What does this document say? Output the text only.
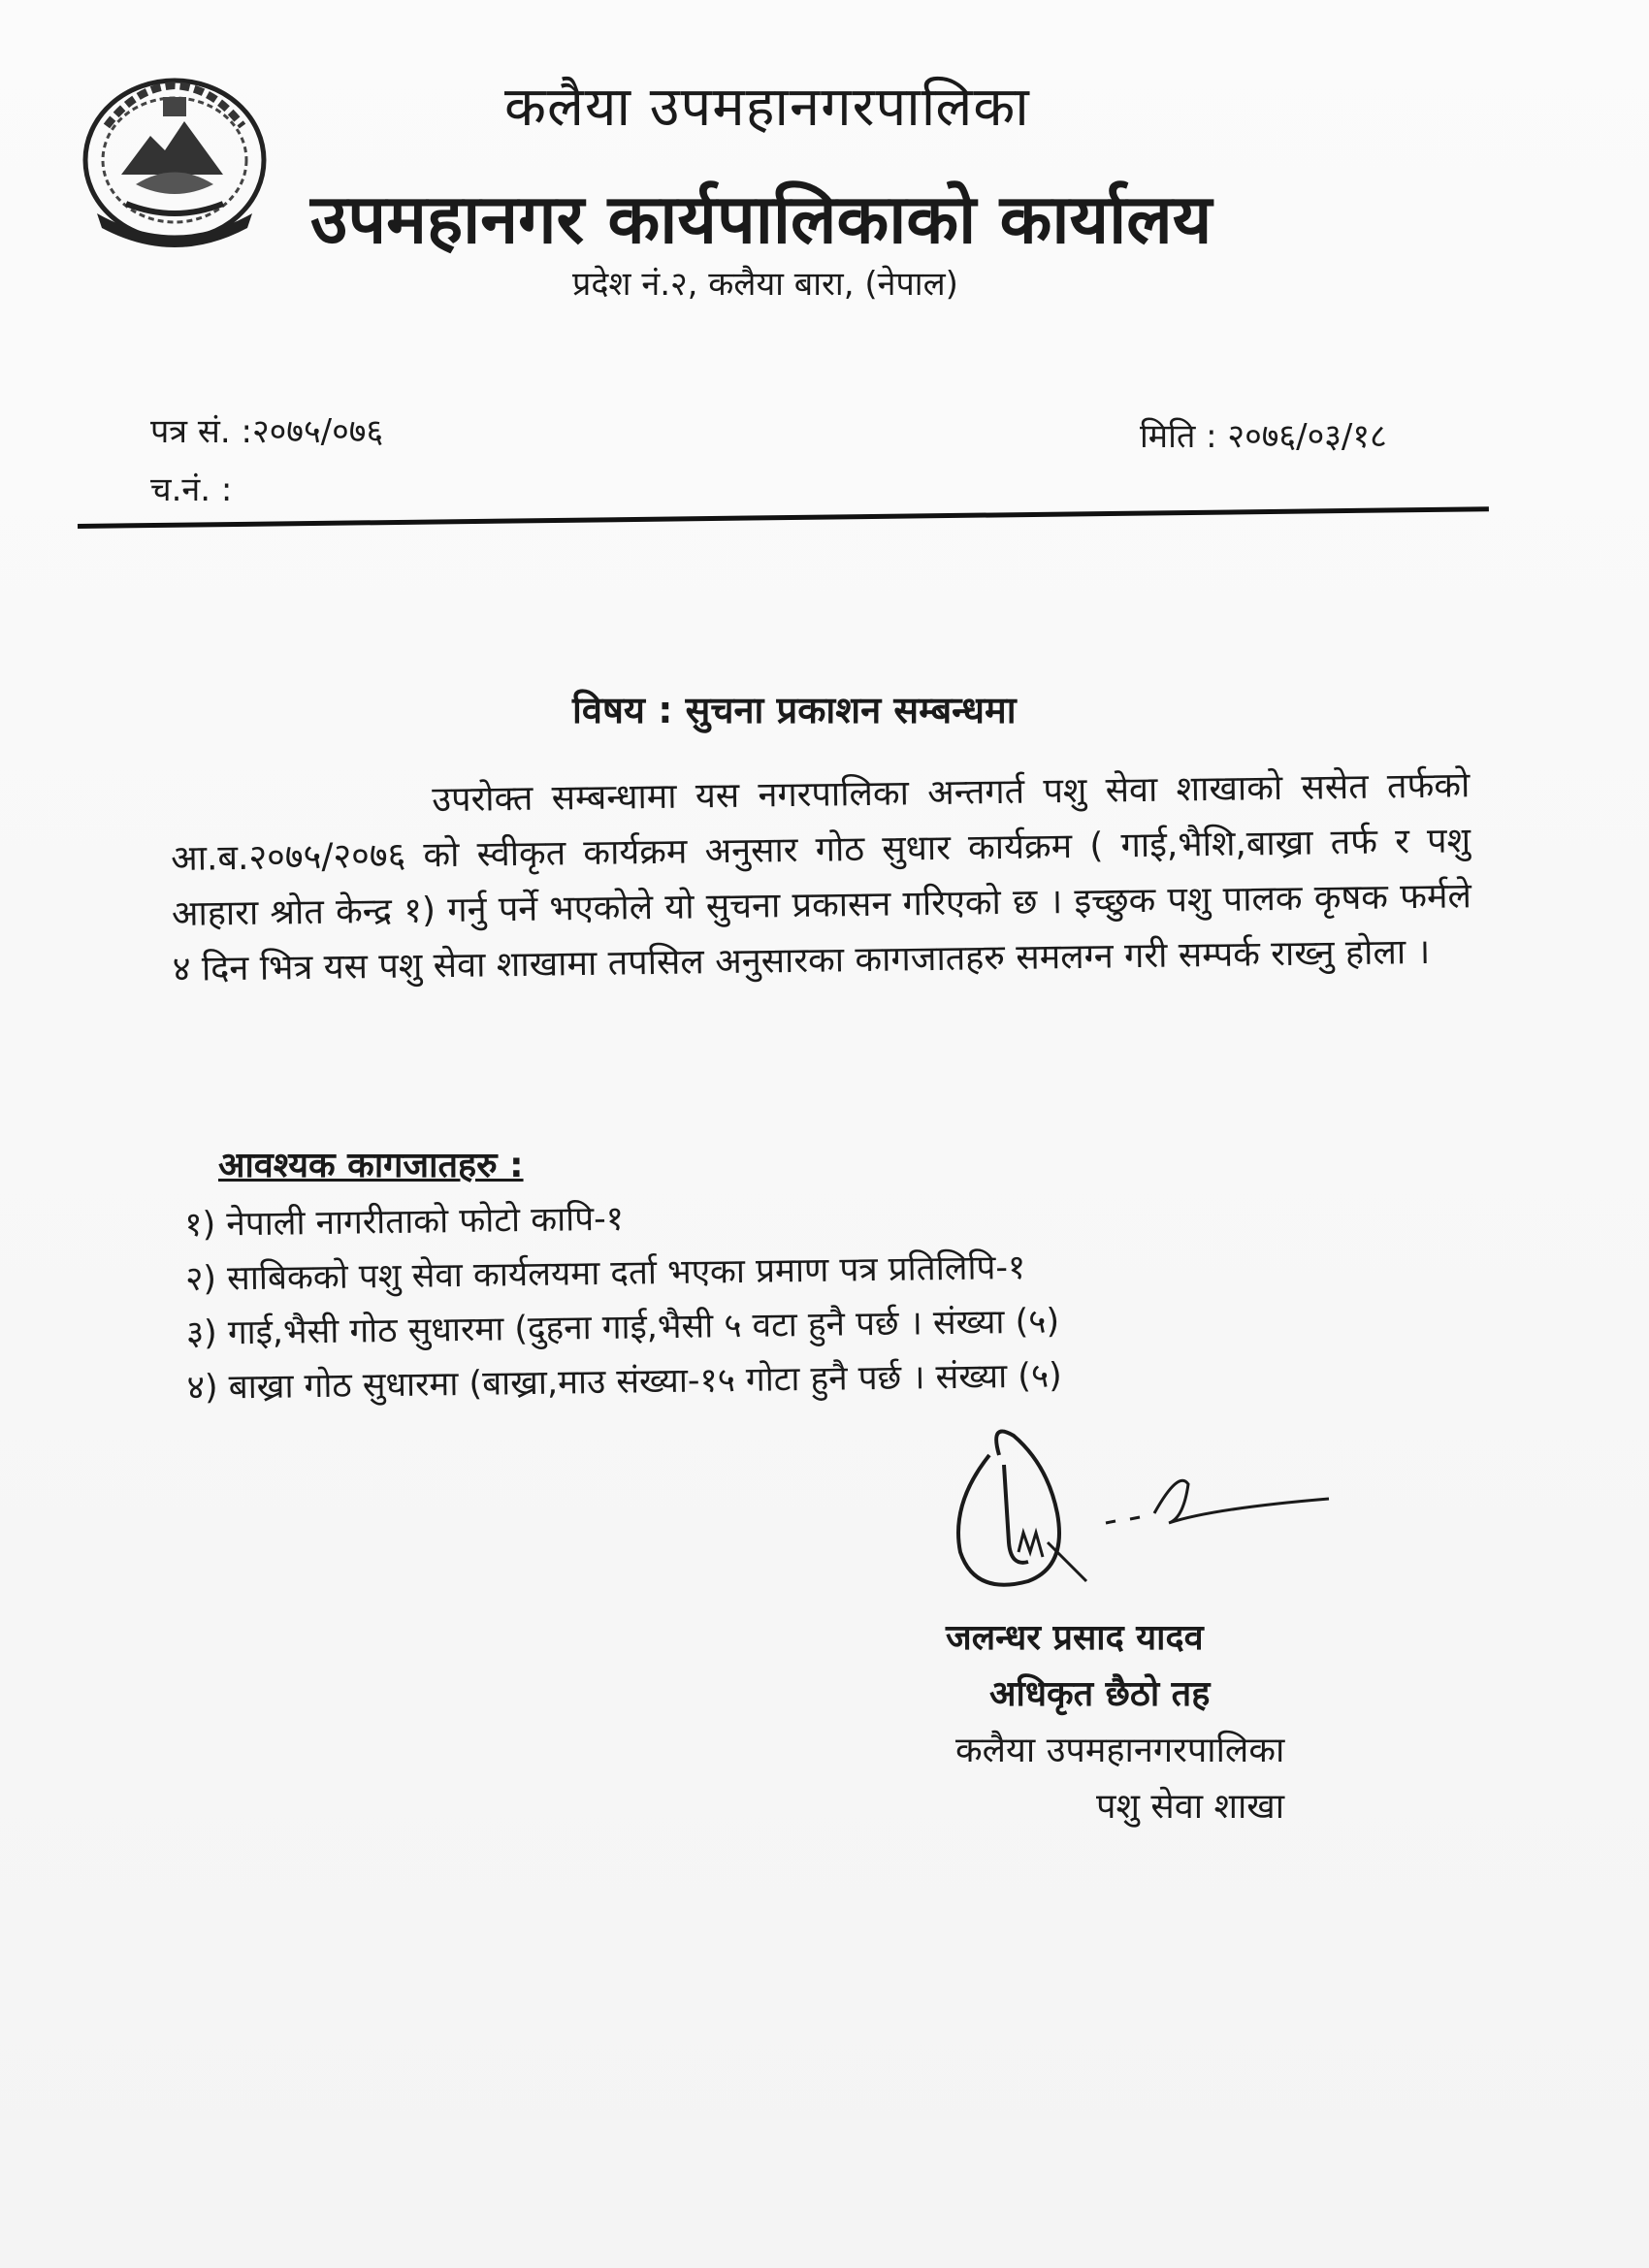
कलैया उपमहानगरपालिका
उपमहानगर कार्यपालिकाको कार्यालय
प्रदेश नं.२, कलैया बारा, (नेपाल)
पत्र सं. :२०७५/०७६
च.नं. :
मिति : २०७६/०३/१८
विषय : सुचना प्रकाशन सम्बन्धमा

उपरोक्त सम्बन्धामा यस नगरपालिका अन्तगर्त पशु सेवा शाखाको ससेत तर्फको आ.ब.२०७५/२०७६ को स्वीकृत कार्यक्रम अनुसार गोठ सुधार कार्यक्रम ( गाई,भैशि,बाख्रा तर्फ र पशु आहारा श्रोत केन्द्र १) गर्नु पर्ने भएकोले यो सुचना प्रकासन गरिएको छ । इच्छुक पशु पालक कृषक फर्मले ४ दिन भित्र यस पशु सेवा शाखामा तपसिल अनुसारका कागजातहरु समलग्न गरी सम्पर्क राख्नु होला ।

आवश्यक कागजातहरु :
१) नेपाली नागरीताको फोटो कापि-१
२) साबिकको पशु सेवा कार्यलयमा दर्ता भएका प्रमाण पत्र प्रतिलिपि-१
३) गाई,भैसी गोठ सुधारमा (दुहना गाई,भैसी ५ वटा हुनै पर्छ । संख्या (५)
४) बाख्रा गोठ सुधारमा (बाख्रा,माउ संख्या-१५ गोटा हुनै पर्छ । संख्या (५)
जलन्धर प्रसाद यादव
अधिकृत छैठो तह
कलैया उपमहानगरपालिका
पशु सेवा शाखा
